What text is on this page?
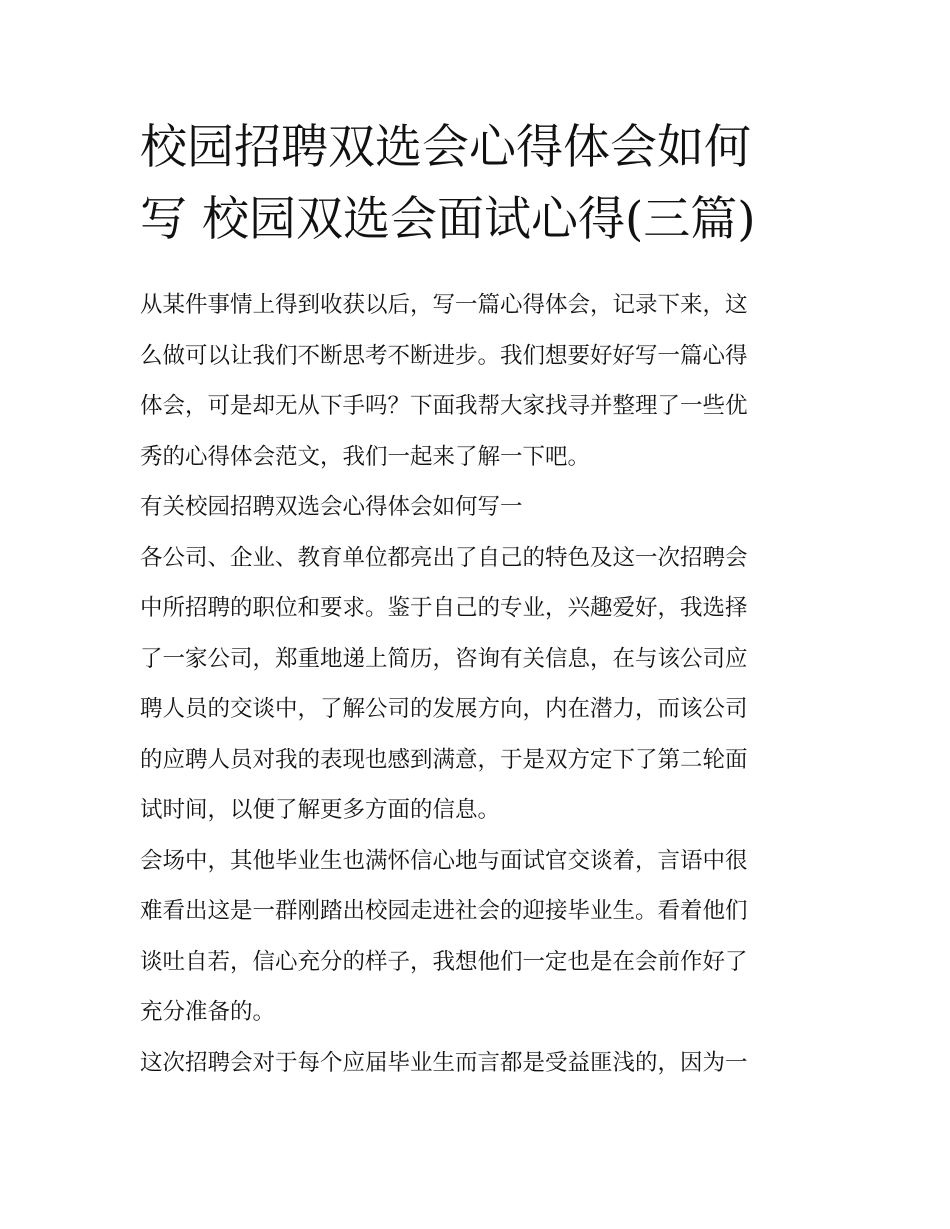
校园招聘双选会心得体会如何
写 校园双选会面试心得(三篇)
从某件事情上得到收获以后，写一篇心得体会，记录下来，这
么做可以让我们不断思考不断进步。我们想要好好写一篇心得
体会，可是却无从下手吗？下面我帮大家找寻并整理了一些优
秀的心得体会范文，我们一起来了解一下吧。
有关校园招聘双选会心得体会如何写一
各公司、企业、教育单位都亮出了自己的特色及这一次招聘会
中所招聘的职位和要求。鉴于自己的专业，兴趣爱好，我选择
了一家公司，郑重地递上简历，咨询有关信息，在与该公司应
聘人员的交谈中，了解公司的发展方向，内在潜力，而该公司
的应聘人员对我的表现也感到满意，于是双方定下了第二轮面
试时间，以便了解更多方面的信息。
会场中，其他毕业生也满怀信心地与面试官交谈着，言语中很
难看出这是一群刚踏出校园走进社会的迎接毕业生。看着他们
谈吐自若，信心充分的样子，我想他们一定也是在会前作好了
充分准备的。
这次招聘会对于每个应届毕业生而言都是受益匪浅的，因为一
